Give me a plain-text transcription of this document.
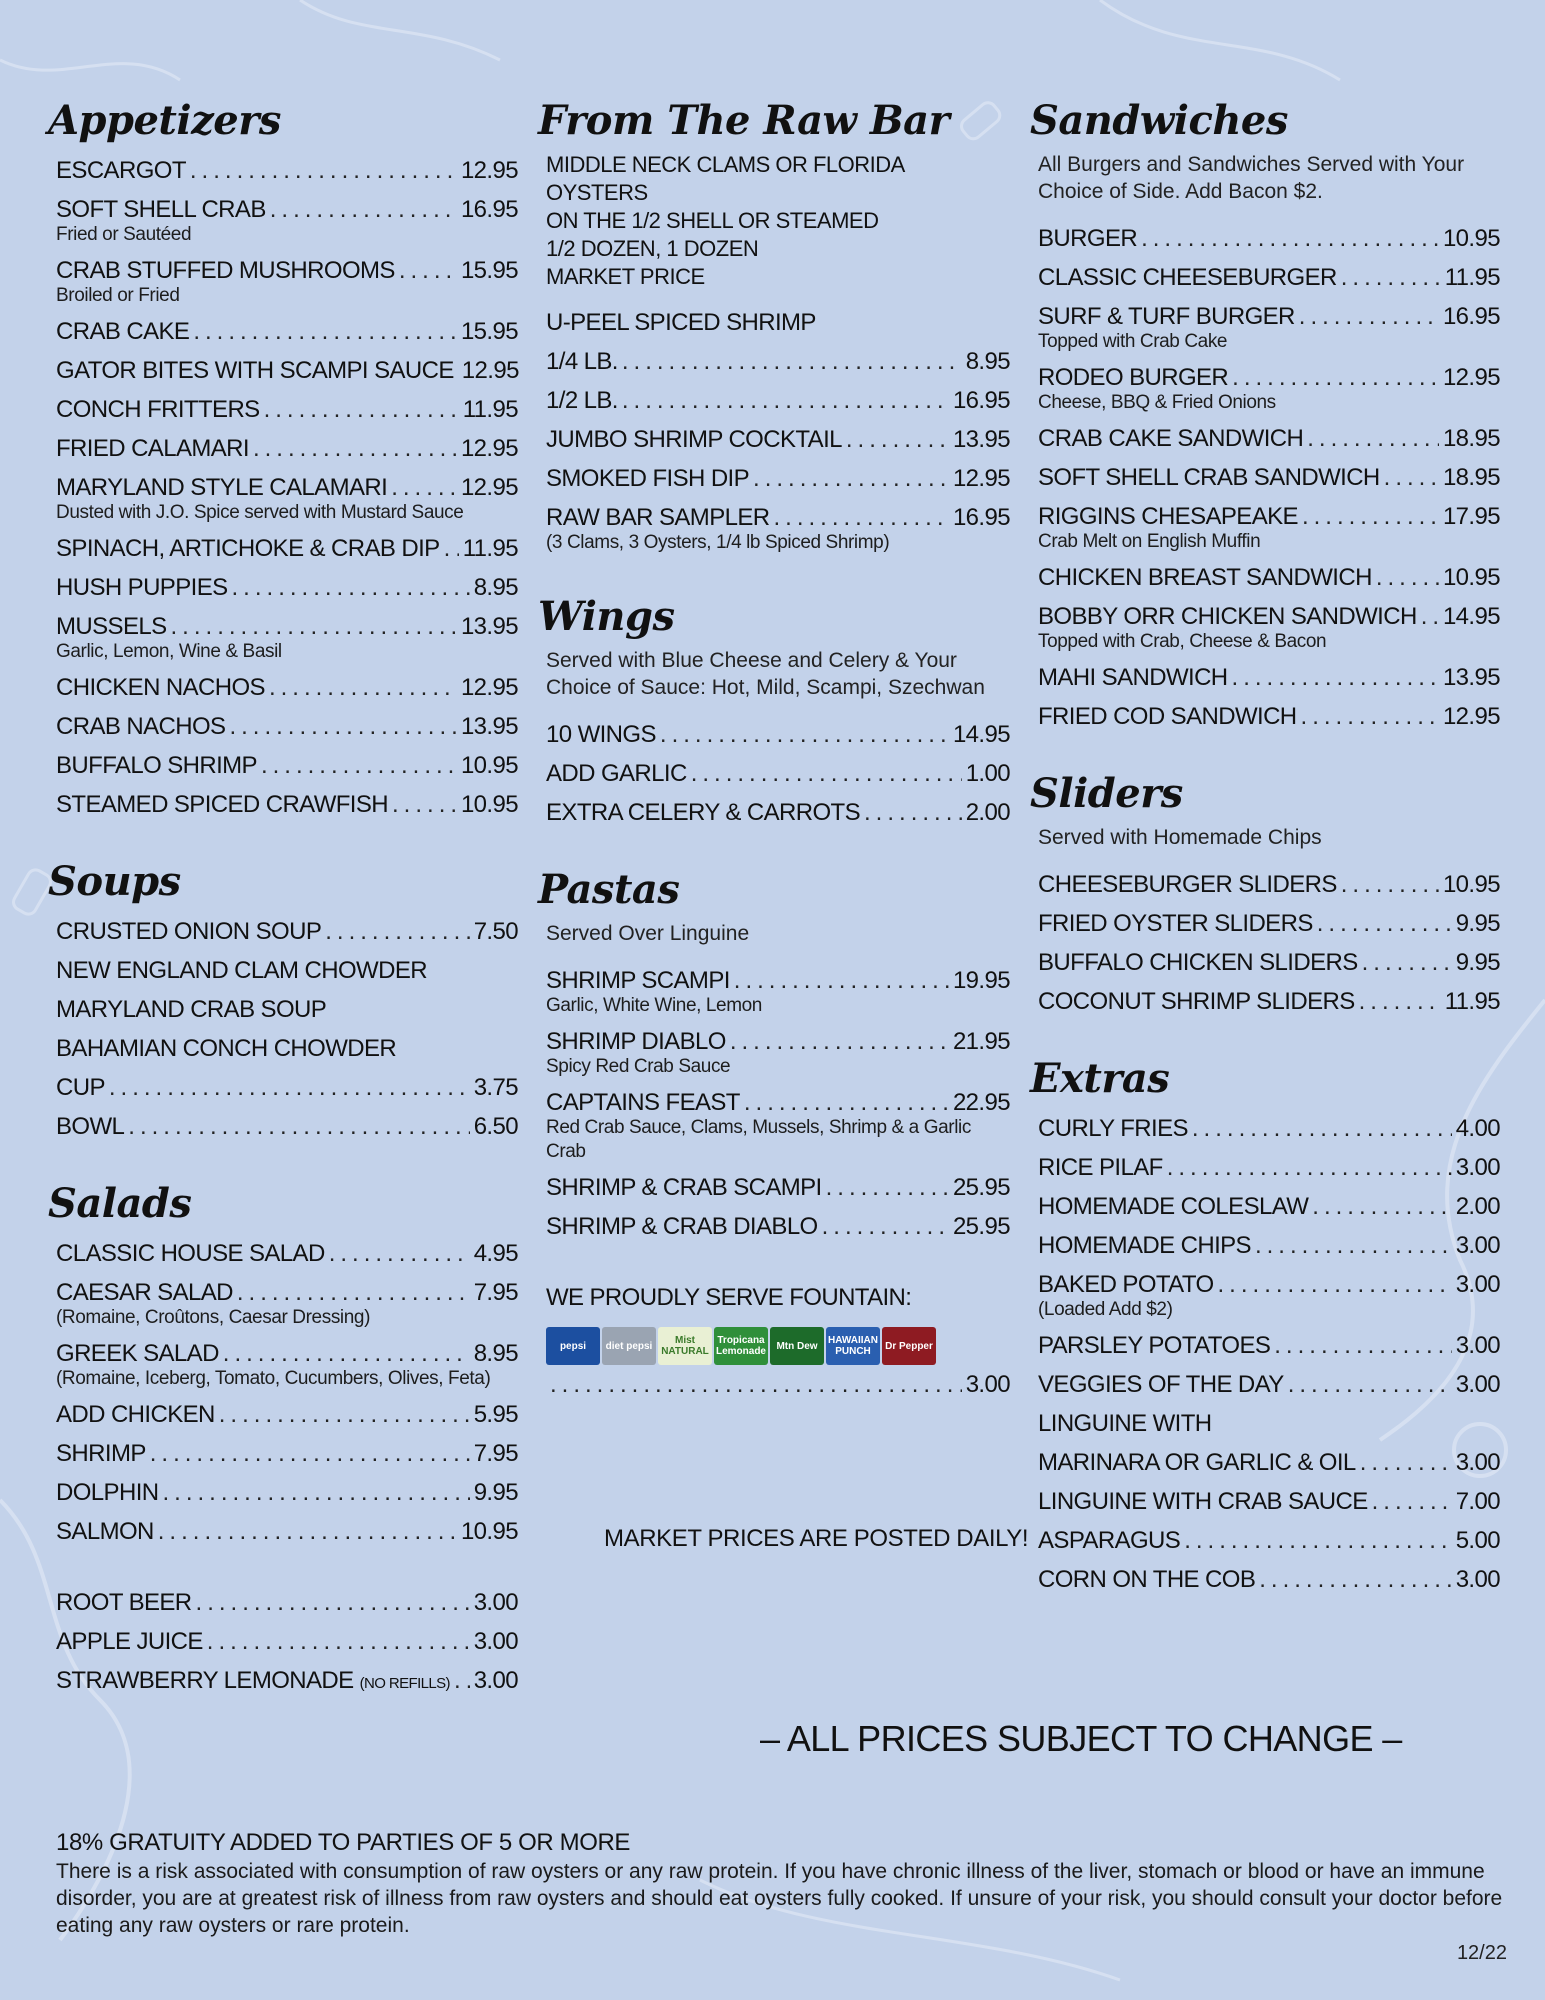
Appetizers
ESCARGOT .....	12.95
SOFT SHELL CRAB .....	16.95
Fried or Sautéed
CRAB STUFFED MUSHROOMS .....	15.95
Broiled or Fried
CRAB CAKE .....	15.95
GATOR BITES WITH SCAMPI SAUCE 12.95
CONCH FRITTERS .....	11.95
FRIED CALAMARI .....	12.95
MARYLAND STYLE CALAMARI .....	12.95
Dusted with J.O. Spice served with Mustard Sauce
SPINACH, ARTICHOKE & CRAB DIP ..... 11.95
HUSH PUPPIES .....	8.95
MUSSELS .....	13.95
Garlic, Lemon, Wine & Basil
CHICKEN NACHOS .....	12.95
CRAB NACHOS .....	13.95
BUFFALO SHRIMP .....	10.95
STEAMED SPICED CRAWFISH .....	10.95
Soups
CRUSTED ONION SOUP .....	7.50
NEW ENGLAND CLAM CHOWDER
MARYLAND CRAB SOUP
BAHAMIAN CONCH CHOWDER
CUP .....	3.75
BOWL .....	6.50
Salads
CLASSIC HOUSE SALAD .....	4.95
CAESAR SALAD .....	7.95
(Romaine, Croûtons, Caesar Dressing)
GREEK SALAD .....	8.95
(Romaine, Iceberg, Tomato, Cucumbers, Olives, Feta)
ADD CHICKEN .....	5.95
SHRIMP .....	7.95
DOLPHIN .....	9.95
SALMON .....	10.95
ROOT BEER .....	3.00
APPLE JUICE .....	3.00
STRAWBERRY LEMONADE (NO REFILLS) ..... 3.00
From The Raw Bar
MIDDLE NECK CLAMS OR FLORIDA OYSTERS
ON THE 1/2 SHELL OR STEAMED
1/2 DOZEN, 1 DOZEN
MARKET PRICE
U-PEEL SPICED SHRIMP
1/4 LB. .....	8.95
1/2 LB. .....	16.95
JUMBO SHRIMP COCKTAIL .....	13.95
SMOKED FISH DIP .....	12.95
RAW BAR SAMPLER .....	16.95
(3 Clams, 3 Oysters, 1/4 lb Spiced Shrimp)
Wings
Served with Blue Cheese and Celery & Your Choice of Sauce: Hot, Mild, Scampi, Szechwan
10 WINGS .....	14.95
ADD GARLIC .....	1.00
EXTRA CELERY & CARROTS .....	2.00
Pastas
Served Over Linguine
SHRIMP SCAMPI .....	19.95
Garlic, White Wine, Lemon
SHRIMP DIABLO .....	21.95
Spicy Red Crab Sauce
CAPTAINS FEAST .....	22.95
Red Crab Sauce, Clams, Mussels, Shrimp & a Garlic Crab
SHRIMP & CRAB SCAMPI .....	25.95
SHRIMP & CRAB DIABLO .....	25.95
WE PROUDLY SERVE FOUNTAIN:
pepsi	diet pepsi	Mist NATURAL
Tropicana Lemonade	Mtn Dew	HAWAIIAN PUNCH	Dr Pepper
.....
3.00
Sandwiches
All Burgers and Sandwiches Served with Your Choice of Side. Add Bacon $2.
BURGER .....	10.95
CLASSIC CHEESEBURGER .....	11.95
SURF & TURF BURGER .....	16.95
Topped with Crab Cake
RODEO BURGER .....	12.95
Cheese, BBQ & Fried Onions
CRAB CAKE SANDWICH .....	18.95
SOFT SHELL CRAB SANDWICH .....	18.95
RIGGINS CHESAPEAKE .....	17.95
Crab Melt on English Muffin
CHICKEN BREAST SANDWICH .....	10.95
BOBBY ORR CHICKEN SANDWICH ..... 14.95
Topped with Crab, Cheese & Bacon
MAHI SANDWICH .....	13.95
FRIED COD SANDWICH .....	12.95
Sliders
Served with Homemade Chips
CHEESEBURGER SLIDERS .....	10.95
FRIED OYSTER SLIDERS .....	9.95
BUFFALO CHICKEN SLIDERS .....	9.95
COCONUT SHRIMP SLIDERS .....	11.95
Extras
CURLY FRIES .....	4.00
RICE PILAF .....	3.00
HOMEMADE COLESLAW .....	2.00
HOMEMADE CHIPS .....	3.00
BAKED POTATO .....	3.00
(Loaded Add $2)
PARSLEY POTATOES .....	3.00
VEGGIES OF THE DAY .....	3.00
LINGUINE WITH
MARINARA OR GARLIC & OIL .....	3.00
LINGUINE WITH CRAB SAUCE .....	7.00
ASPARAGUS .....	5.00
CORN ON THE COB .....	3.00
MARKET PRICES ARE POSTED DAILY!
– ALL PRICES SUBJECT TO CHANGE –
18% GRATUITY ADDED TO PARTIES OF 5 OR MORE
There is a risk associated with consumption of raw oysters or any raw protein. If you have chronic illness of the liver, stomach or blood or have an immune disorder, you are at greatest risk of illness from raw oysters and should eat oysters fully cooked. If unsure of your risk, you should consult your doctor before eating any raw oysters or rare protein.
12/22
